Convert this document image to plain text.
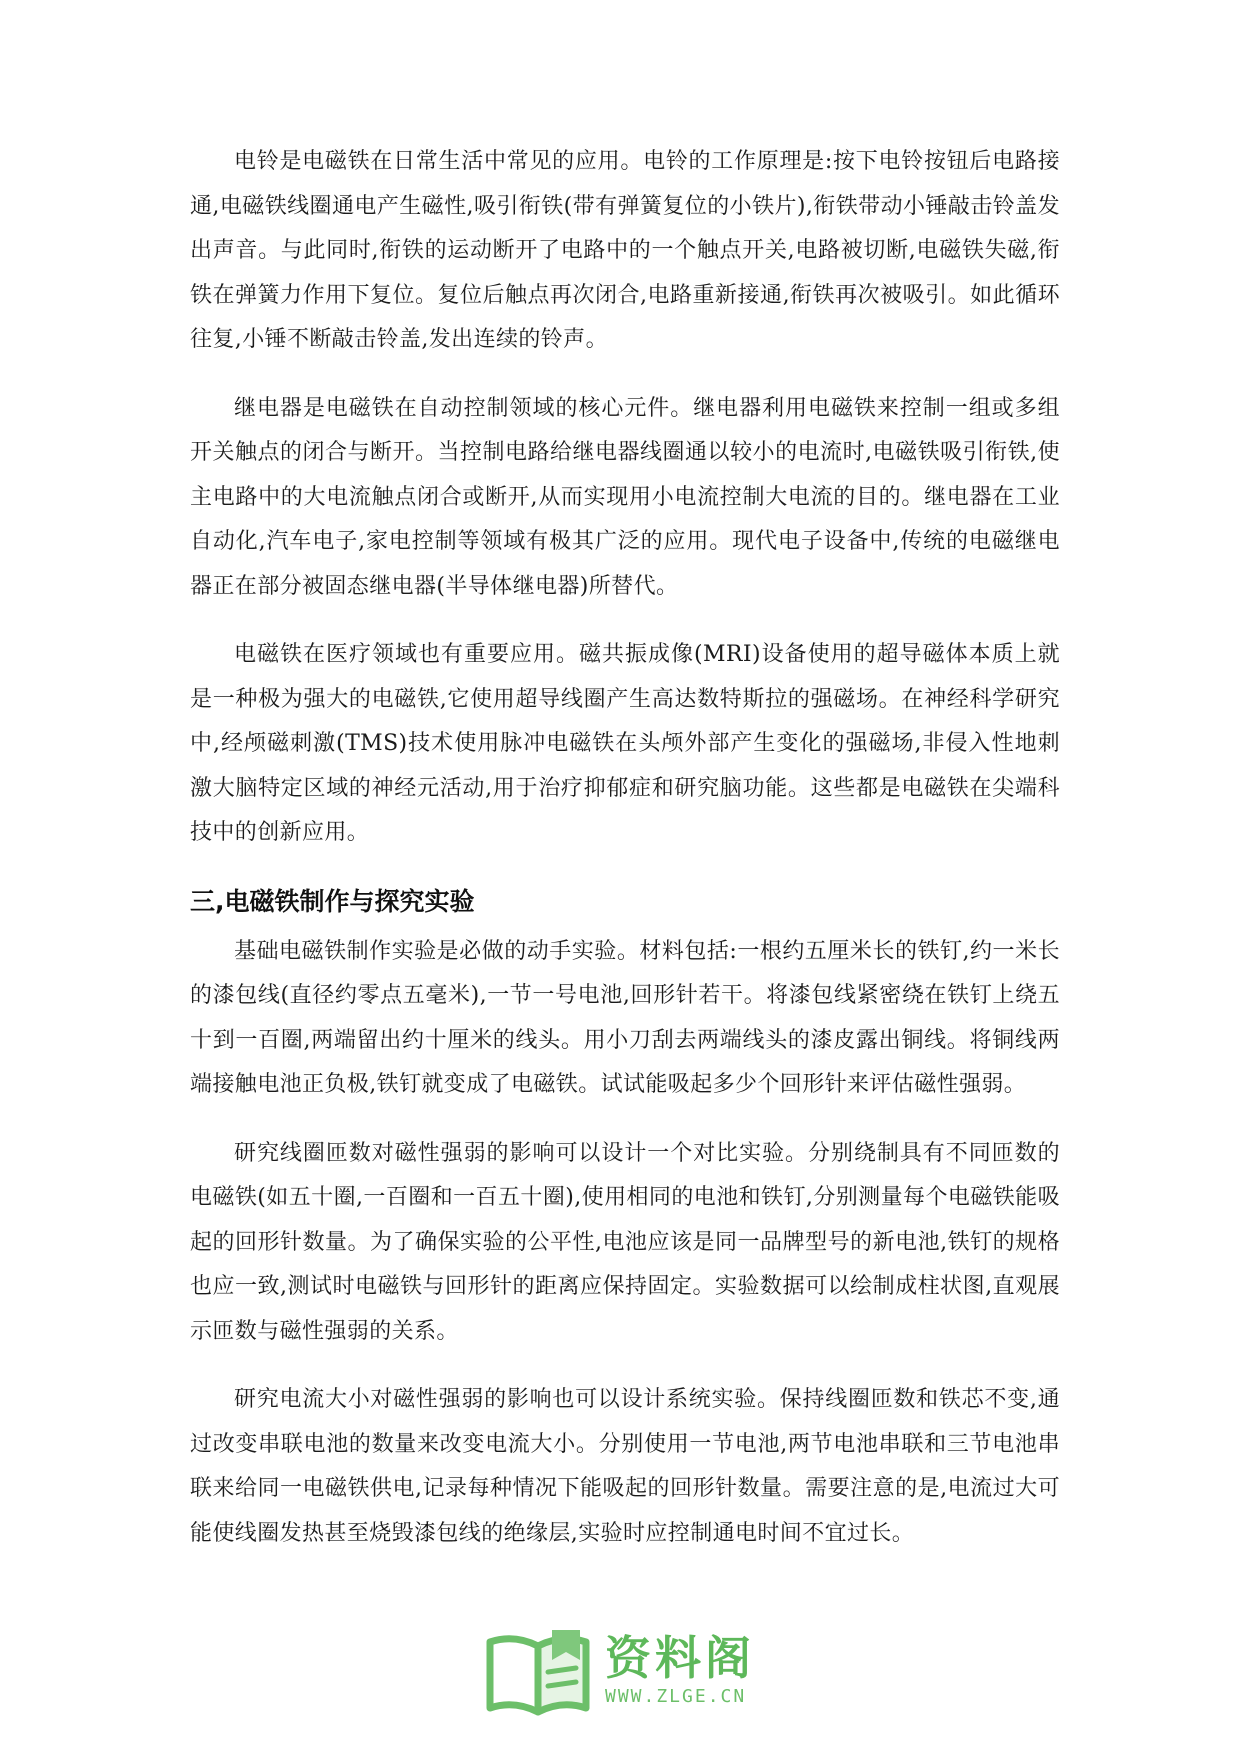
电铃是电磁铁在日常生活中常见的应用。电铃的工作原理是:按下电铃按钮后电路接通,电磁铁线圈通电产生磁性,吸引衔铁(带有弹簧复位的小铁片),衔铁带动小锤敲击铃盖发出声音。与此同时,衔铁的运动断开了电路中的一个触点开关,电路被切断,电磁铁失磁,衔铁在弹簧力作用下复位。复位后触点再次闭合,电路重新接通,衔铁再次被吸引。如此循环往复,小锤不断敲击铃盖,发出连续的铃声。

继电器是电磁铁在自动控制领域的核心元件。继电器利用电磁铁来控制一组或多组开关触点的闭合与断开。当控制电路给继电器线圈通以较小的电流时,电磁铁吸引衔铁,使主电路中的大电流触点闭合或断开,从而实现用小电流控制大电流的目的。继电器在工业自动化,汽车电子,家电控制等领域有极其广泛的应用。现代电子设备中,传统的电磁继电器正在部分被固态继电器(半导体继电器)所替代。

电磁铁在医疗领域也有重要应用。磁共振成像(MRI)设备使用的超导磁体本质上就是一种极为强大的电磁铁,它使用超导线圈产生高达数特斯拉的强磁场。在神经科学研究中,经颅磁刺激(TMS)技术使用脉冲电磁铁在头颅外部产生变化的强磁场,非侵入性地刺激大脑特定区域的神经元活动,用于治疗抑郁症和研究脑功能。这些都是电磁铁在尖端科技中的创新应用。

三,电磁铁制作与探究实验

基础电磁铁制作实验是必做的动手实验。材料包括:一根约五厘米长的铁钉,约一米长的漆包线(直径约零点五毫米),一节一号电池,回形针若干。将漆包线紧密绕在铁钉上绕五十到一百圈,两端留出约十厘米的线头。用小刀刮去两端线头的漆皮露出铜线。将铜线两端接触电池正负极,铁钉就变成了电磁铁。试试能吸起多少个回形针来评估磁性强弱。

研究线圈匝数对磁性强弱的影响可以设计一个对比实验。分别绕制具有不同匝数的电磁铁(如五十圈,一百圈和一百五十圈),使用相同的电池和铁钉,分别测量每个电磁铁能吸起的回形针数量。为了确保实验的公平性,电池应该是同一品牌型号的新电池,铁钉的规格也应一致,测试时电磁铁与回形针的距离应保持固定。实验数据可以绘制成柱状图,直观展示匝数与磁性强弱的关系。

研究电流大小对磁性强弱的影响也可以设计系统实验。保持线圈匝数和铁芯不变,通过改变串联电池的数量来改变电流大小。分别使用一节电池,两节电池串联和三节电池串联来给同一电磁铁供电,记录每种情况下能吸起的回形针数量。需要注意的是,电流过大可能使线圈发热甚至烧毁漆包线的绝缘层,实验时应控制通电时间不宜过长。

资料阁
WWW.ZLGE.CN
